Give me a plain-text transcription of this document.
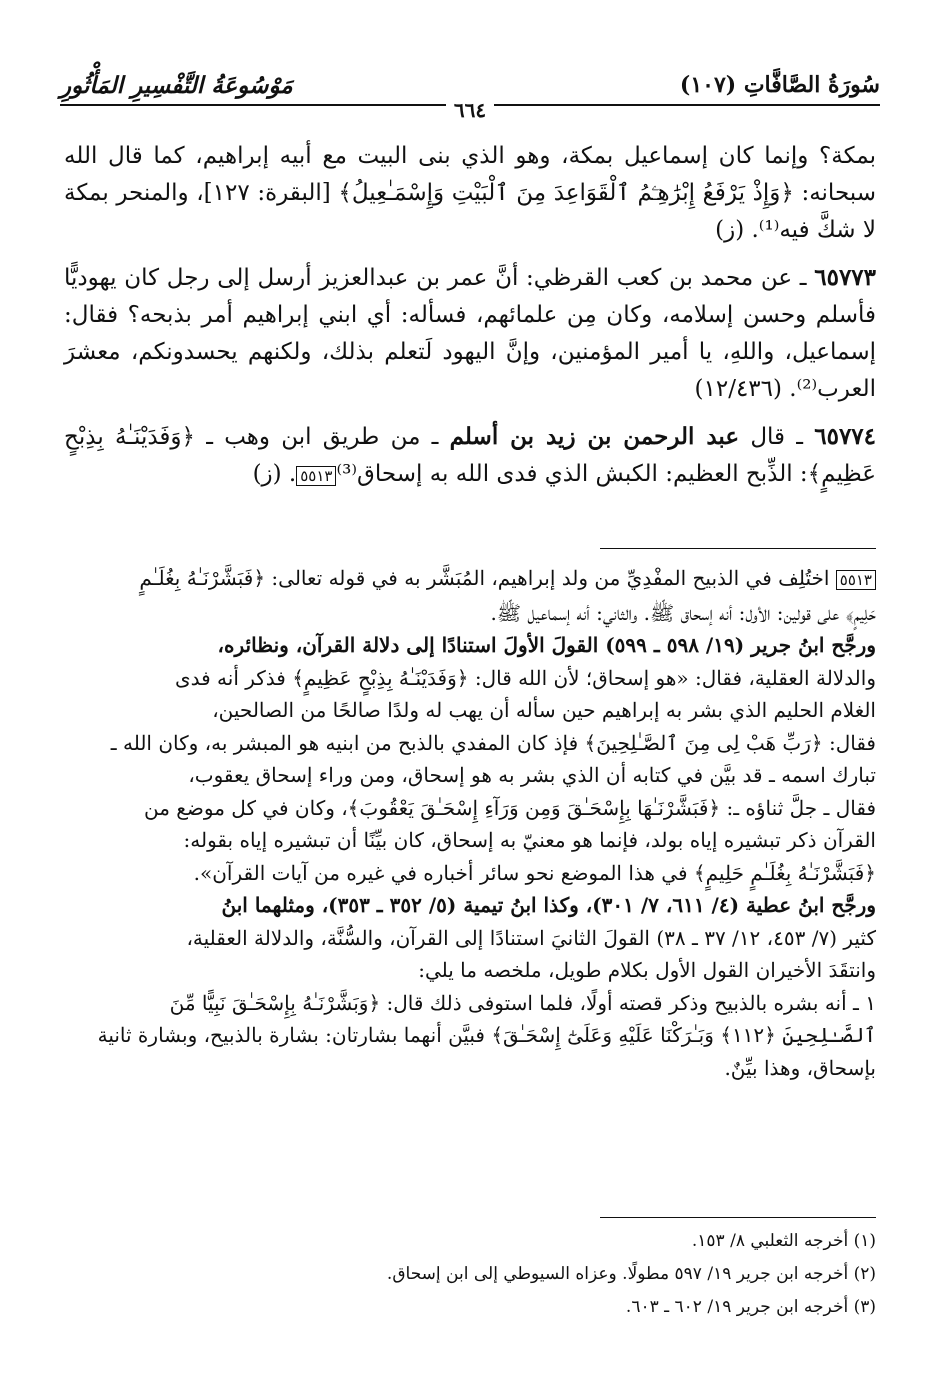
سُورَةُ الصَّافَّاتِ (١٠٧)
مَوْسُوعَةُ التَّفْسِيرِ المَأْثُورِ
٦٦٤

بمكة؟ وإنما كان إسماعيل بمكة، وهو الذي بنى البيت مع أبيه إبراهيم، كما قال الله سبحانه: ﴿وَإِذْ يَرْفَعُ إِبْرَٰهِـۧمُ ٱلْقَوَاعِدَ مِنَ ٱلْبَيْتِ وَإِسْمَـٰعِيلُ﴾ [البقرة: ١٢٧]، والمنحر بمكة لا شكَّ فيه⁽¹⁾. (ز)

٦٥٧٧٣ ـ عن محمد بن كعب القرظي: أنَّ عمر بن عبدالعزيز أرسل إلى رجل كان يهوديًّا فأسلم وحسن إسلامه، وكان مِن علمائهم، فسأله: أي ابني إبراهيم أمر بذبحه؟ فقال: إسماعيل، واللهِ، يا أمير المؤمنين، وإنَّ اليهود لَتعلم بذلك، ولكنهم يحسدونكم، معشرَ العرب⁽²⁾. (١٢/٤٣٦)

٦٥٧٧٤ ـ قال عبد الرحمن بن زيد بن أسلم ـ من طريق ابن وهب ـ ﴿وَفَدَيْنَـٰهُ بِذِبْحٍ عَظِيمٍ﴾: الذِّبح العظيم: الكبش الذي فدى الله به إسحاق⁽³⁾٥٥١٣. (ز)

٥٥١٣ اختُلِف في الذبيح المفْدِيِّ من ولد إبراهيم، المُبَشَّر به في قوله تعالى: ﴿فَبَشَّرْنَـٰهُ بِغُلَـٰمٍ

حَلِيمٍ﴾ على قولين: الأول: أنه إسحاق ﷺ. والثاني: أنه إسماعيل ﷺ.

ورجَّح ابنُ جرير (١٩/ ٥٩٨ ـ ٥٩٩) القولَ الأولَ استنادًا إلى دلالة القرآن، ونظائره،

والدلالة العقلية، فقال: «هو إسحاق؛ لأن الله قال: ﴿وَفَدَيْنَـٰهُ بِذِبْحٍ عَظِيمٍ﴾ فذكر أنه فدى

الغلام الحليم الذي بشر به إبراهيم حين سأله أن يهب له ولدًا صالحًا من الصالحين،

فقال: ﴿رَبِّ هَبْ لِى مِنَ ٱلصَّـٰلِحِينَ﴾ فإذ كان المفدي بالذبح من ابنيه هو المبشر به، وكان الله ـ

تبارك اسمه ـ قد بيَّن في كتابه أن الذي بشر به هو إسحاق، ومن وراء إسحاق يعقوب،

فقال ـ جلَّ ثناؤه ـ: ﴿فَبَشَّرْنَـٰهَا بِإِسْحَـٰقَ وَمِن وَرَآءِ إِسْحَـٰقَ يَعْقُوبَ﴾، وكان في كل موضع من

القرآن ذكر تبشيره إياه بولد، فإنما هو معنيّ به إسحاق، كان بيِّنًا أن تبشيره إياه بقوله:

﴿فَبَشَّرْنَـٰهُ بِغُلَـٰمٍ حَلِيمٍ﴾ في هذا الموضع نحو سائر أخباره في غيره من آيات القرآن».

ورجَّح ابنُ عطية (٤/ ٦١١، ٧/ ٣٠١)، وكذا ابنُ تيمية (٥/ ٣٥٢ ـ ٣٥٣)، ومثلهما ابنُ

كثير (٧/ ٤٥٣، ١٢/ ٣٧ ـ ٣٨) القولَ الثانيَ استنادًا إلى القرآن، والسُّنَّة، والدلالة العقلية،

وانتقَدَ الأخيران القول الأول بكلام طويل، ملخصه ما يلي:

١ ـ أنه بشره بالذبيح وذكر قصته أولًا، فلما استوفى ذلك قال: ﴿وَبَشَّرْنَـٰهُ بِإِسْحَـٰقَ نَبِيًّا مِّنَ

ٱلصَّـٰلِحِينَ ﴿١١٢﴾ وَبَـٰرَكْنَا عَلَيْهِ وَعَلَىٰٓ إِسْحَـٰقَ﴾ فبيَّن أنهما بشارتان: بشارة بالذبيح، وبشارة ثانية

بإسحاق، وهذا بيِّنٌ.

(١) أخرجه الثعلبي ٨/ ١٥٣.

(٢) أخرجه ابن جرير ١٩/ ٥٩٧ مطولًا. وعزاه السيوطي إلى ابن إسحاق.

(٣) أخرجه ابن جرير ١٩/ ٦٠٢ ـ ٦٠٣.
